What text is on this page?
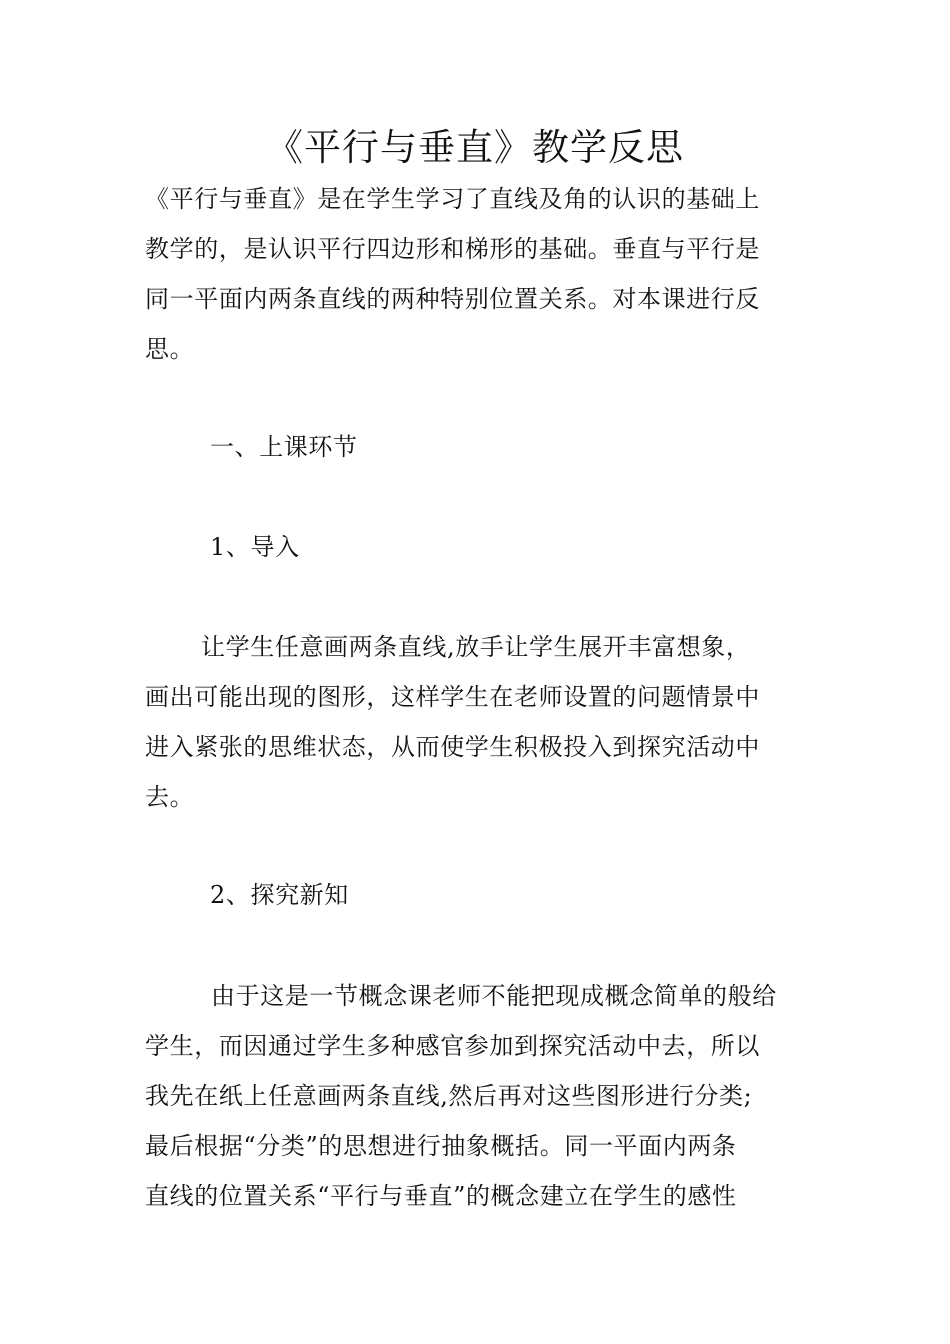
《平行与垂直》教学反思
《平行与垂直》是在学生学习了直线及角的认识的基础上
教学的，是认识平行四边形和梯形的基础。垂直与平行是
同一平面内两条直线的两种特别位置关系。对本课进行反
思。
一、上课环节
1、导入
让学生任意画两条直线,放手让学生展开丰富想象，
画出可能出现的图形，这样学生在老师设置的问题情景中
进入紧张的思维状态，从而使学生积极投入到探究活动中
去。
2、探究新知
由于这是一节概念课老师不能把现成概念简单的般给
学生，而因通过学生多种感官参加到探究活动中去，所以
我先在纸上任意画两条直线,然后再对这些图形进行分类;
最后根据“分类”的思想进行抽象概括。同一平面内两条
直线的位置关系“平行与垂直”的概念建立在学生的感性
